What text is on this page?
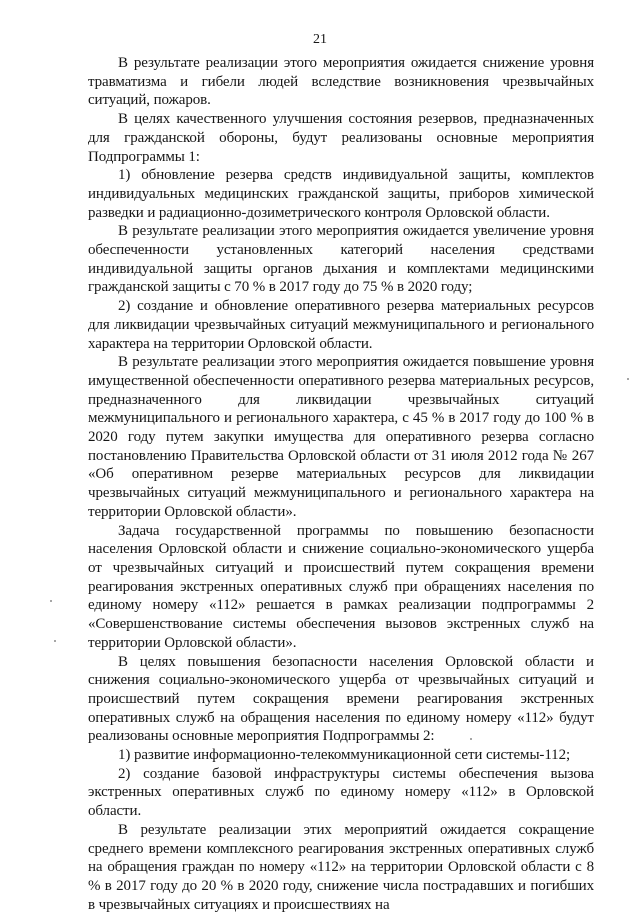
21

В результате реализации этого мероприятия ожидается снижение уровня травматизма и гибели людей вследствие возникновения чрезвычайных ситуаций, пожаров.

В целях качественного улучшения состояния резервов, предназначенных для гражданской обороны, будут реализованы основные мероприятия Подпрограммы 1:

1) обновление резерва средств индивидуальной защиты, комплектов индивидуальных медицинских гражданской защиты, приборов химической разведки и радиационно-дозиметрического контроля Орловской области.

В результате реализации этого мероприятия ожидается увеличение уровня обеспеченности установленных категорий населения средствами индивидуальной защиты органов дыхания и комплектами медицинскими гражданской защиты с 70 % в 2017 году до 75 % в 2020 году;

2) создание и обновление оперативного резерва материальных ресурсов для ликвидации чрезвычайных ситуаций межмуниципального и регионального характера на территории Орловской области.

В результате реализации этого мероприятия ожидается повышение уровня имущественной обеспеченности оперативного резерва материальных ресурсов, предназначенного для ликвидации чрезвычайных ситуаций межмуниципального и регионального характера, с 45 % в 2017 году до 100 % в 2020 году путем закупки имущества для оперативного резерва согласно постановлению Правительства Орловской области от 31 июля 2012 года № 267 «Об оперативном резерве материальных ресурсов для ликвидации чрезвычайных ситуаций межмуниципального и регионального характера на территории Орловской области».

Задача государственной программы по повышению безопасности населения Орловской области и снижение социально-экономического ущерба от чрезвычайных ситуаций и происшествий путем сокращения времени реагирования экстренных оперативных служб при обращениях населения по единому номеру «112» решается в рамках реализации подпрограммы 2 «Совершенствование системы обеспечения вызовов экстренных служб на территории Орловской области».

В целях повышения безопасности населения Орловской области и снижения социально-экономического ущерба от чрезвычайных ситуаций и происшествий путем сокращения времени реагирования экстренных оперативных служб на обращения населения по единому номеру «112» будут реализованы основные мероприятия Подпрограммы 2:

1) развитие информационно-телекоммуникационной сети системы-112;

2) создание базовой инфраструктуры системы обеспечения вызова экстренных оперативных служб по единому номеру «112» в Орловской области.

В результате реализации этих мероприятий ожидается сокращение среднего времени комплексного реагирования экстренных оперативных служб на обращения граждан по номеру «112» на территории Орловской области с 8 % в 2017 году до 20 % в 2020 году, снижение числа пострадавших и погибших в чрезвычайных ситуациях и происшествиях на
